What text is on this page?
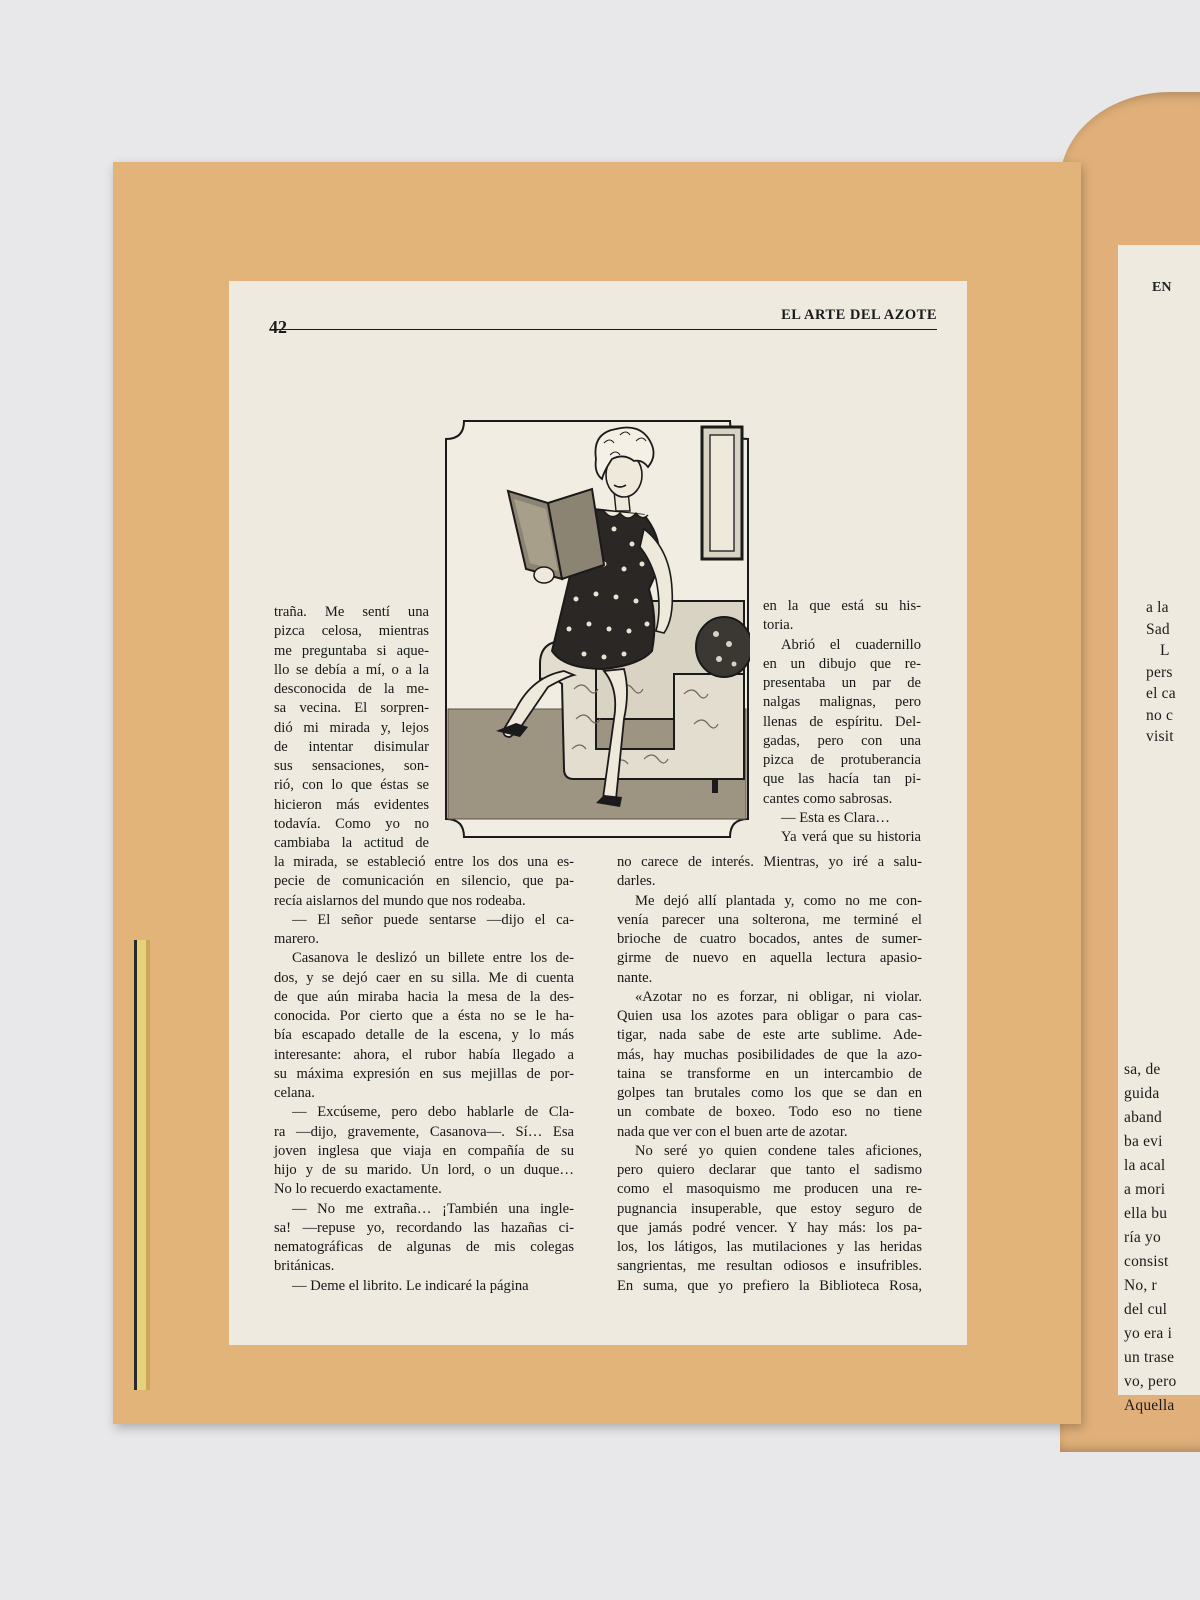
EN
a la
Sad
L
pers
el ca
no c
visit
sa, de
guida
aband
ba evi
la acal
a mori
ella bu
ría yo
consist
No, r
del cul
yo era i
un trase
vo, pero
Aquella
42
EL ARTE DEL AZOTE

traña. Me sentí una

pizca celosa, mientras

me preguntaba si aque-

llo se debía a mí, o a la

desconocida de la me-

sa vecina. El sorpren-

dió mi mirada y, lejos

de intentar disimular

sus sensaciones, son-

rió, con lo que éstas se

hicieron más evidentes

todavía. Como yo no

cambiaba la actitud de

la mirada, se estableció entre los dos una es-

pecie de comunicación en silencio, que pa-

recía aislarnos del mundo que nos rodeaba.

— El señor puede sentarse —dijo el ca-

marero.

Casanova le deslizó un billete entre los de-

dos, y se dejó caer en su silla. Me di cuenta

de que aún miraba hacia la mesa de la des-

conocida. Por cierto que a ésta no se le ha-

bía escapado detalle de la escena, y lo más

interesante: ahora, el rubor había llegado a

su máxima expresión en sus mejillas de por-

celana.

— Excúseme, pero debo hablarle de Cla-

ra —dijo, gravemente, Casanova—. Sí… Esa

joven inglesa que viaja en compañía de su

hijo y de su marido. Un lord, o un duque…

No lo recuerdo exactamente.

— No me extraña… ¡También una ingle-

sa! —repuse yo, recordando las hazañas ci-

nematográficas de algunas de mis colegas

británicas.

— Deme el librito. Le indicaré la página

en la que está su his-

toria.

Abrió el cuadernillo

en un dibujo que re-

presentaba un par de

nalgas malignas, pero

llenas de espíritu. Del-

gadas, pero con una

pizca de protuberancia

que las hacía tan pi-

cantes como sabrosas.

— Esta es Clara…

Ya verá que su historia

no carece de interés. Mientras, yo iré a salu-

darles.

Me dejó allí plantada y, como no me con-

venía parecer una solterona, me terminé el

brioche de cuatro bocados, antes de sumer-

girme de nuevo en aquella lectura apasio-

nante.

«Azotar no es forzar, ni obligar, ni violar.

Quien usa los azotes para obligar o para cas-

tigar, nada sabe de este arte sublime. Ade-

más, hay muchas posibilidades de que la azo-

taina se transforme en un intercambio de

golpes tan brutales como los que se dan en

un combate de boxeo. Todo eso no tiene

nada que ver con el buen arte de azotar.

No seré yo quien condene tales aficiones,

pero quiero declarar que tanto el sadismo

como el masoquismo me producen una re-

pugnancia insuperable, que estoy seguro de

que jamás podré vencer. Y hay más: los pa-

los, los látigos, las mutilaciones y las heridas

sangrientas, me resultan odiosos e insufribles.

En suma, que yo prefiero la Biblioteca Rosa,
